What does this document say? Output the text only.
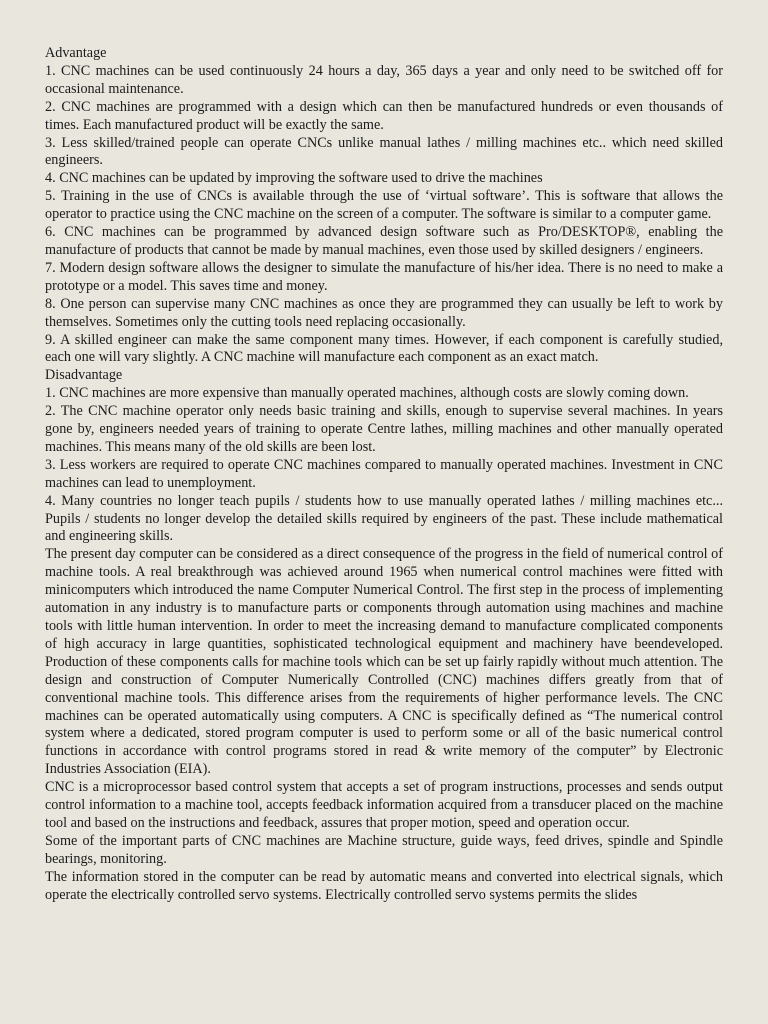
Advantage

1. CNC machines can be used continuously 24 hours a day, 365 days a year and only need to be switched off for occasional maintenance.

2. CNC machines are programmed with a design which can then be manufactured hundreds or even thousands of times. Each manufactured product will be exactly the same.

3. Less skilled/trained people can operate CNCs unlike manual lathes / milling machines etc.. which need skilled engineers.

4. CNC machines can be updated by improving the software used to drive the machines

5. Training in the use of CNCs is available through the use of ‘virtual software’. This is software that allows the operator to practice using the CNC machine on the screen of a computer. The software is similar to a computer game.

6. CNC machines can be programmed by advanced design software such as Pro/DESKTOP®, enabling the manufacture of products that cannot be made by manual machines, even those used by skilled designers / engineers.

7. Modern design software allows the designer to simulate the manufacture of his/her idea. There is no need to make a prototype or a model. This saves time and money.

8. One person can supervise many CNC machines as once they are programmed they can usually be left to work by themselves. Sometimes only the cutting tools need replacing occasionally.

9. A skilled engineer can make the same component many times. However, if each component is carefully studied, each one will vary slightly. A CNC machine will manufacture each component as an exact match.

Disadvantage

1. CNC machines are more expensive than manually operated machines, although costs are slowly coming down.

2. The CNC machine operator only needs basic training and skills, enough to supervise several machines. In years gone by, engineers needed years of training to operate Centre lathes, milling machines and other manually operated machines. This means many of the old skills are been lost.

3. Less workers are required to operate CNC machines compared to manually operated machines. Investment in CNC machines can lead to unemployment.

4. Many countries no longer teach pupils / students how to use manually operated lathes / milling machines etc... Pupils / students no longer develop the detailed skills required by engineers of the past. These include mathematical and engineering skills.

The present day computer can be considered as a direct consequence of the progress in the field of numerical control of machine tools. A real breakthrough was achieved around 1965 when numerical control machines were fitted with minicomputers which introduced the name Computer Numerical Control. The first step in the process of implementing automation in any industry is to manufacture parts or components through automation using machines and machine tools with little human intervention. In order to meet the increasing demand to manufacture complicated components of high accuracy in large quantities, sophisticated technological equipment and machinery have beendeveloped. Production of these components calls for machine tools which can be set up fairly rapidly without much attention. The design and construction of Computer Numerically Controlled (CNC) machines differs greatly from that of conventional machine tools. This difference arises from the requirements of higher performance levels. The CNC machines can be operated automatically using computers. A CNC is specifically defined as “The numerical control system where a dedicated, stored program computer is used to perform some or all of the basic numerical control functions in accordance with control programs stored in read & write memory of the computer” by Electronic Industries Association (EIA).

CNC is a microprocessor based control system that accepts a set of program instructions, processes and sends output control information to a machine tool, accepts feedback information acquired from a transducer placed on the machine tool and based on the instructions and feedback, assures that proper motion, speed and operation occur.

Some of the important parts of CNC machines are Machine structure, guide ways, feed drives, spindle and Spindle bearings, monitoring.

The information stored in the computer can be read by automatic means and converted into electrical signals, which operate the electrically controlled servo systems. Electrically controlled servo systems permits the slides
